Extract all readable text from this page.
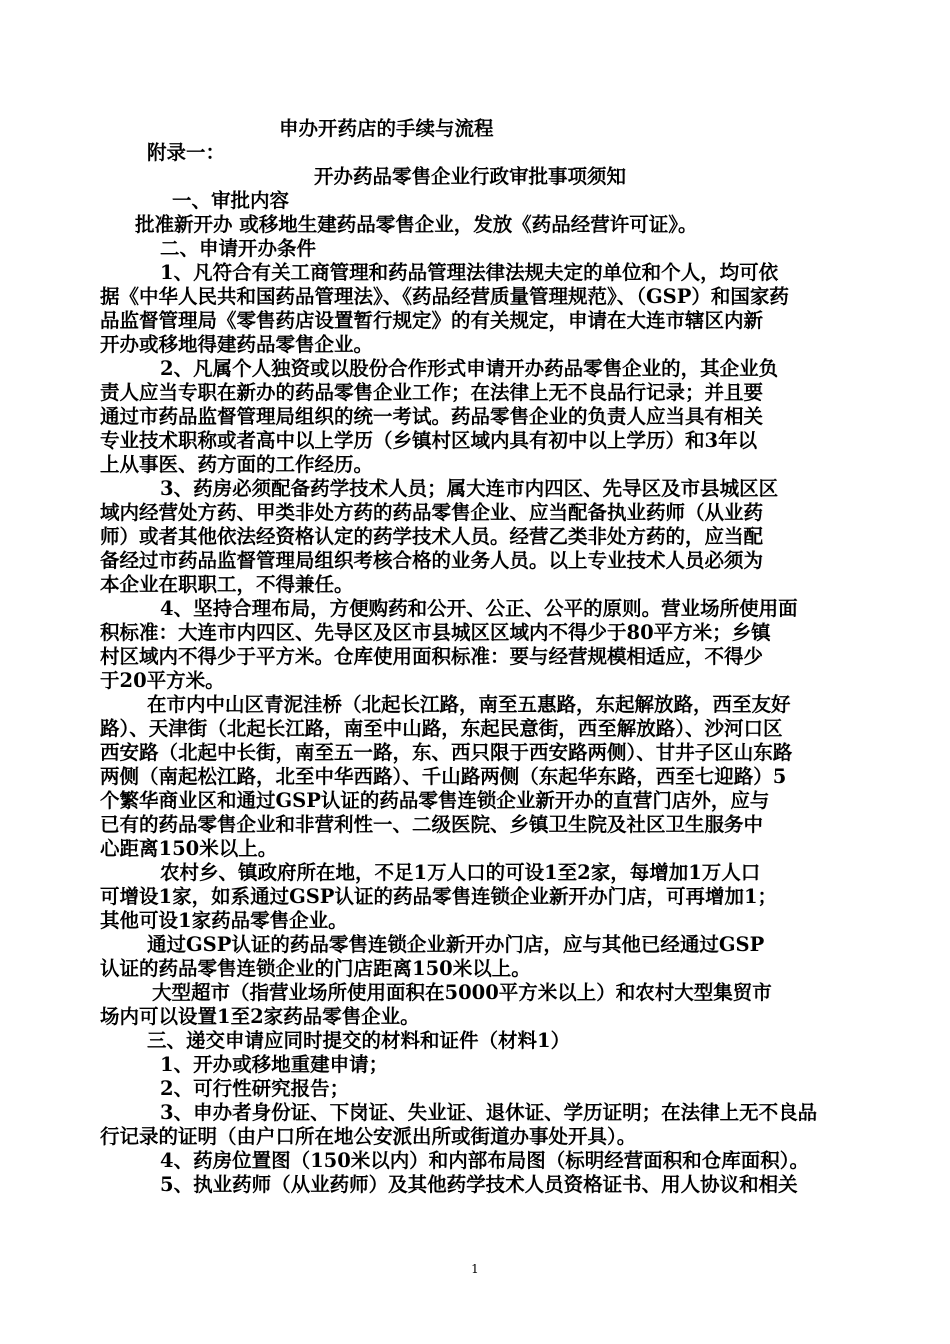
申办开药店的手续与流程
附录一：
开办药品零售企业行政审批事项须知
一、审批内容
批准新开办 或移地生建药品零售企业，发放《药品经营许可证》。
二、申请开办条件
1、凡符合有关工商管理和药品管理法律法规夫定的单位和个人，均可依
据《中华人民共和国药品管理法》、《药品经营质量管理规范》、（GSP）和国家药
品监督管理局《零售药店设置暂行规定》的有关规定，申请在大连市辖区内新
开办或移地得建药品零售企业。
2、凡属个人独资或以股份合作形式申请开办药品零售企业的，其企业负
责人应当专职在新办的药品零售企业工作；在法律上无不良品行记录；并且要
通过市药品监督管理局组织的统一考试。药品零售企业的负责人应当具有相关
专业技术职称或者高中以上学历（乡镇村区域内具有初中以上学历）和3年以
上从事医、药方面的工作经历。
3、药房必须配备药学技术人员；属大连市内四区、先导区及市县城区区
域内经营处方药、甲类非处方药的药品零售企业、应当配备执业药师（从业药
师）或者其他依法经资格认定的药学技术人员。经营乙类非处方药的，应当配
备经过市药品监督管理局组织考核合格的业务人员。以上专业技术人员必须为
本企业在职职工，不得兼任。
4、坚持合理布局，方便购药和公开、公正、公平的原则。营业场所使用面
积标准：大连市内四区、先导区及区市县城区区域内不得少于80平方米；乡镇
村区域内不得少于平方米。仓库使用面积标准：要与经营规模相适应，不得少
于20平方米。
在市内中山区青泥洼桥（北起长江路，南至五惠路，东起解放路，西至友好
路）、天津街（北起长江路，南至中山路，东起民意街，西至解放路）、沙河口区
西安路（北起中长街，南至五一路，东、西只限于西安路两侧）、甘井子区山东路
两侧（南起松江路，北至中华西路）、千山路两侧（东起华东路，西至七迎路）5
个繁华商业区和通过GSP认证的药品零售连锁企业新开办的直营门店外，应与
已有的药品零售企业和非营利性一、二级医院、乡镇卫生院及社区卫生服务中
心距离150米以上。
农村乡、镇政府所在地，不足1万人口的可设1至2家，每增加1万人口
可增设1家，如系通过GSP认证的药品零售连锁企业新开办门店，可再增加1；
其他可设1家药品零售企业。
通过GSP认证的药品零售连锁企业新开办门店，应与其他已经通过GSP
认证的药品零售连锁企业的门店距离150米以上。
大型超市（指营业场所使用面积在5000平方米以上）和农村大型集贸市
场内可以设置1至2家药品零售企业。
三、递交申请应同时提交的材料和证件（材料1）
1、开办或移地重建申请；
2、可行性研究报告；
3、申办者身份证、下岗证、失业证、退休证、学历证明；在法律上无不良品
行记录的证明（由户口所在地公安派出所或街道办事处开具）。
4、药房位置图（150米以内）和内部布局图（标明经营面积和仓库面积）。
5、执业药师（从业药师）及其他药学技术人员资格证书、用人协议和相关
1
